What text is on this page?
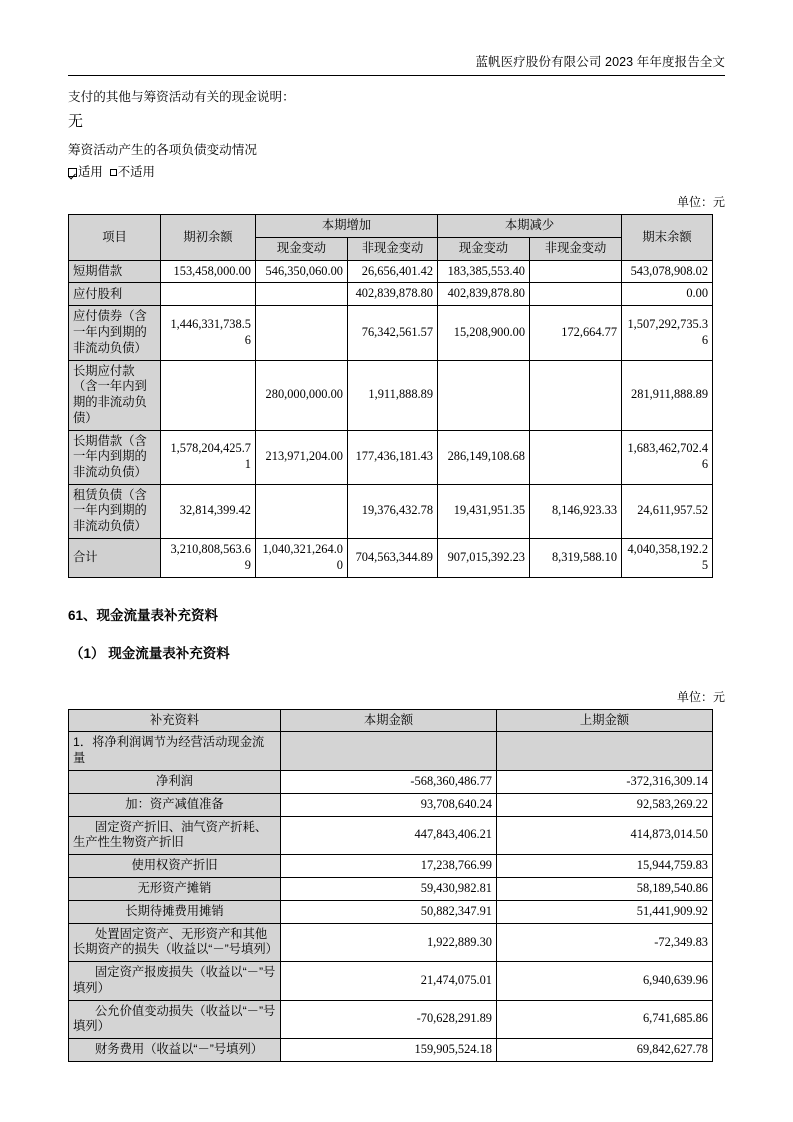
蓝帆医疗股份有限公司 2023 年年度报告全文

支付的其他与筹资活动有关的现金说明：

无

筹资活动产生的各项负债变动情况

适用 不适用

单位：元
项目	期初余额	本期增加		本期减少		期末余额
		现金变动	非现金变动	现金变动	非现金变动	
短期借款	153,458,000.00	546,350,060.00	26,656,401.42	183,385,553.40		543,078,908.02
应付股利			402,839,878.80	402,839,878.80		0.00
应付债券（含一年内到期的非流动负债）	1,446,331,738.56		76,342,561.57	15,208,900.00	172,664.77	1,507,292,735.36
长期应付款（含一年内到期的非流动负债）		280,000,000.00	1,911,888.89			281,911,888.89
长期借款（含一年内到期的非流动负债）	1,578,204,425.71	213,971,204.00	177,436,181.43	286,149,108.68		1,683,462,702.46
租赁负债（含一年内到期的非流动负债）	32,814,399.42		19,376,432.78	19,431,951.35	8,146,923.33	24,611,957.52
合计	3,210,808,563.69	1,040,321,264.00	704,563,344.89	907,015,392.23	8,319,588.10	4,040,358,192.25

61、现金流量表补充资料

（1） 现金流量表补充资料

单位：元
补充资料	本期金额	上期金额
1．将净利润调节为经营活动现金流量		
净利润	-568,360,486.77	-372,316,309.14
加：资产减值准备	93,708,640.24	92,583,269.22
固定资产折旧、油气资产折耗、生产性生物资产折旧	447,843,406.21	414,873,014.50
使用权资产折旧	17,238,766.99	15,944,759.83
无形资产摊销	59,430,982.81	58,189,540.86
长期待摊费用摊销	50,882,347.91	51,441,909.92
处置固定资产、无形资产和其他长期资产的损失（收益以“－”号填列）	1,922,889.30	-72,349.83
固定资产报废损失（收益以“－”号填列）	21,474,075.01	6,940,639.96
公允价值变动损失（收益以“－”号填列）	-70,628,291.89	6,741,685.86
财务费用（收益以“－”号填列）	159,905,524.18	69,842,627.78
